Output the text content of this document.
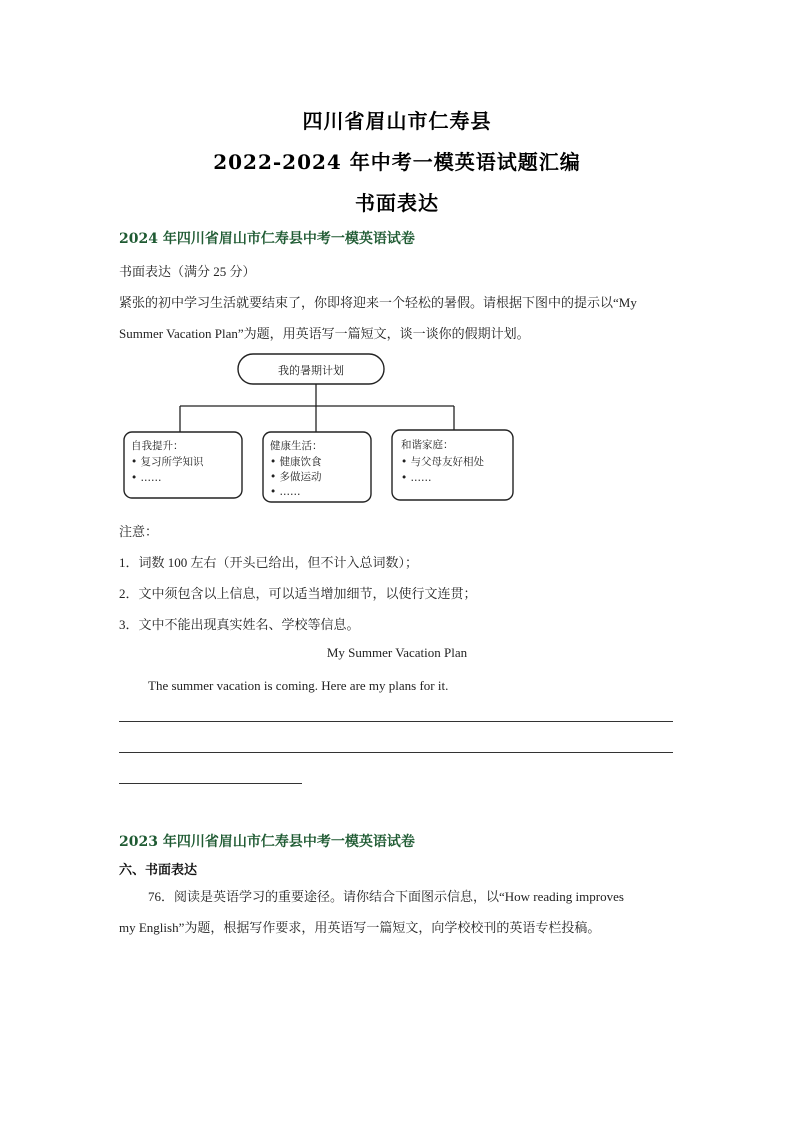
四川省眉山市仁寿县
2022-2024 年中考一模英语试题汇编
书面表达
2024 年四川省眉山市仁寿县中考一模英语试卷
书面表达（满分 25 分）
紧张的初中学习生活就要结束了，你即将迎来一个轻松的暑假。请根据下图中的提示以“My
Summer Vacation Plan”为题，用英语写一篇短文，谈一谈你的假期计划。
我的暑期计划
自我提升：
• 复习所学知识
• ……
健康生活：
• 健康饮食
• 多做运动
• ……
和谐家庭：
• 与父母友好相处
• ……
注意：
1．词数 100 左右（开头已给出，但不计入总词数）；
2．文中须包含以上信息，可以适当增加细节，以使行文连贯；
3．文中不能出现真实姓名、学校等信息。
My Summer Vacation Plan
The summer vacation is coming. Here are my plans for it.
2023 年四川省眉山市仁寿县中考一模英语试卷
六、书面表达
76．阅读是英语学习的重要途径。请你结合下面图示信息，以“How reading improves
my English”为题，根据写作要求，用英语写一篇短文，向学校校刊的英语专栏投稿。
